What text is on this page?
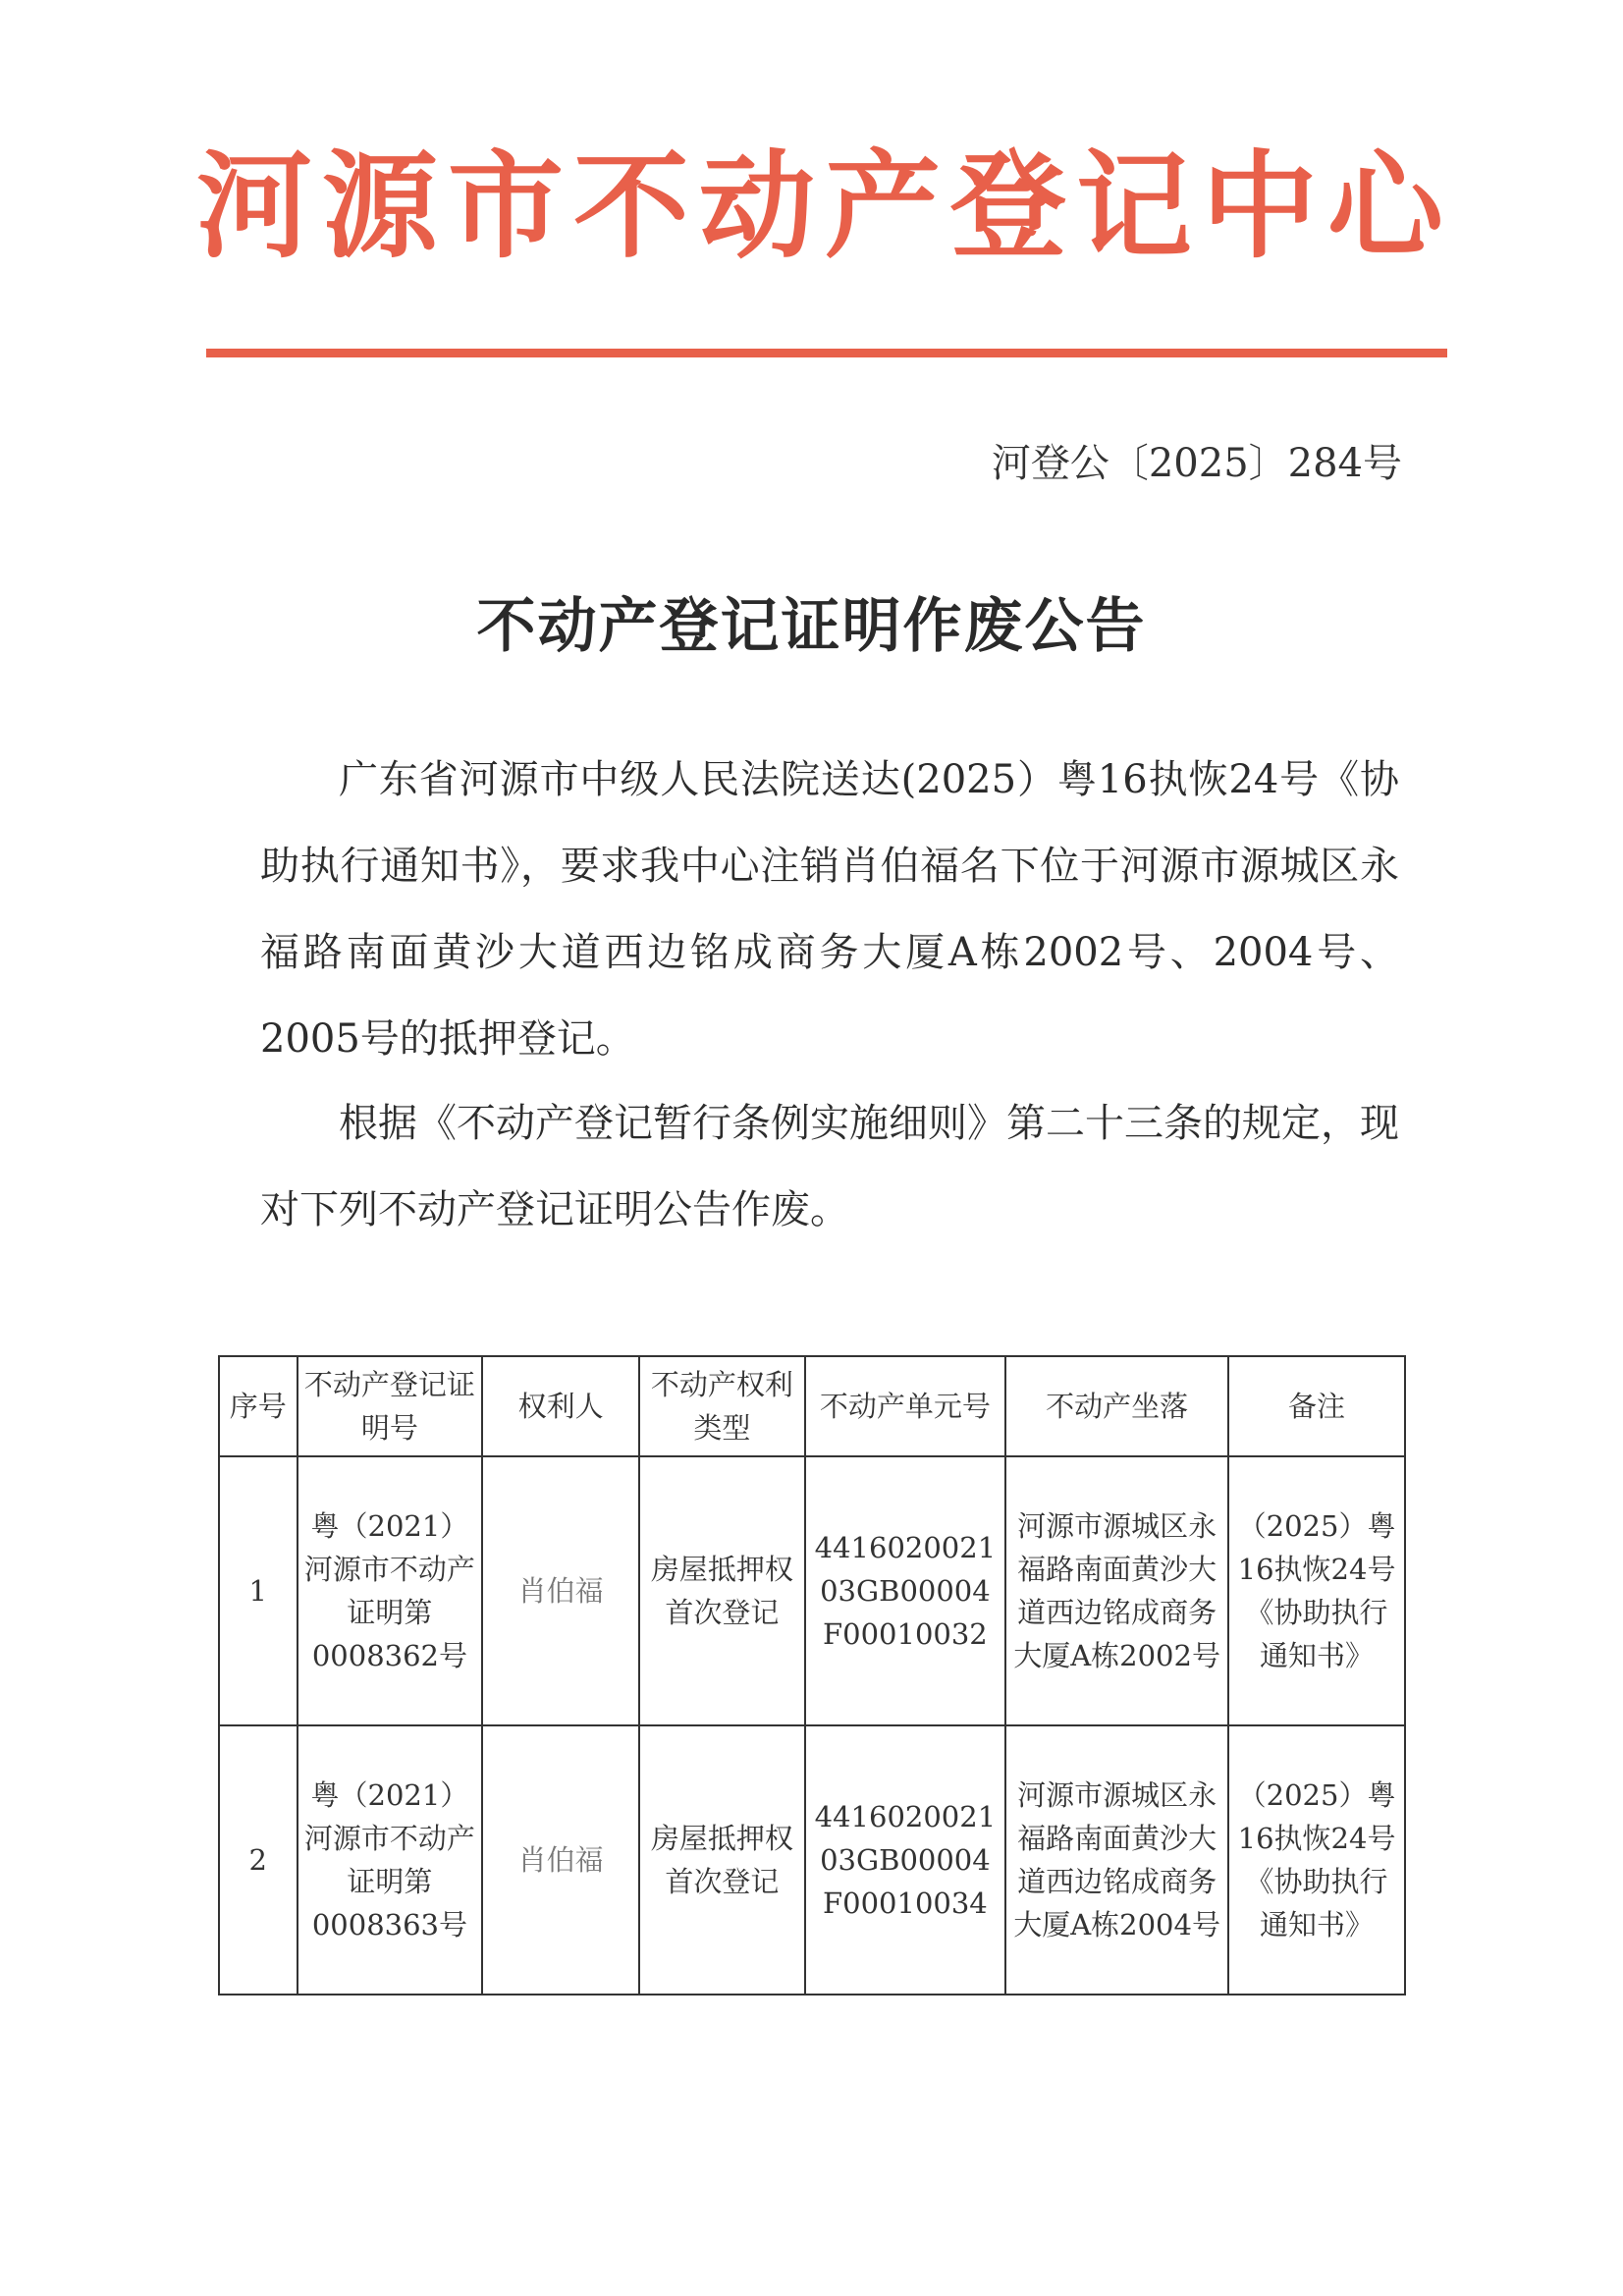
河源市不动产登记中心
河登公〔2025〕284号
不动产登记证明作废公告

广东省河源市中级人民法院送达(2025）粤16执恢24号《协助执行通知书》，要求我中心注销肖伯福名下位于河源市源城区永福路南面黄沙大道西边铭成商务大厦A栋2002号、2004号、2005号的抵押登记。

根据《不动产登记暂行条例实施细则》第二十三条的规定，现对下列不动产登记证明公告作废。

序号	不动产登记证明号	权利人	不动产权利类型	不动产单元号	不动产坐落	备注
1	粤（2021）河源市不动产证明第0008362号	肖伯福	房屋抵押权首次登记	441602002103GB00004F00010032	河源市源城区永福路南面黄沙大道西边铭成商务大厦A栋2002号	（2025）粤16执恢24号《协助执行通知书》
2	粤（2021）河源市不动产证明第0008363号	肖伯福	房屋抵押权首次登记	441602002103GB00004F00010034	河源市源城区永福路南面黄沙大道西边铭成商务大厦A栋2004号	（2025）粤16执恢24号《协助执行通知书》
